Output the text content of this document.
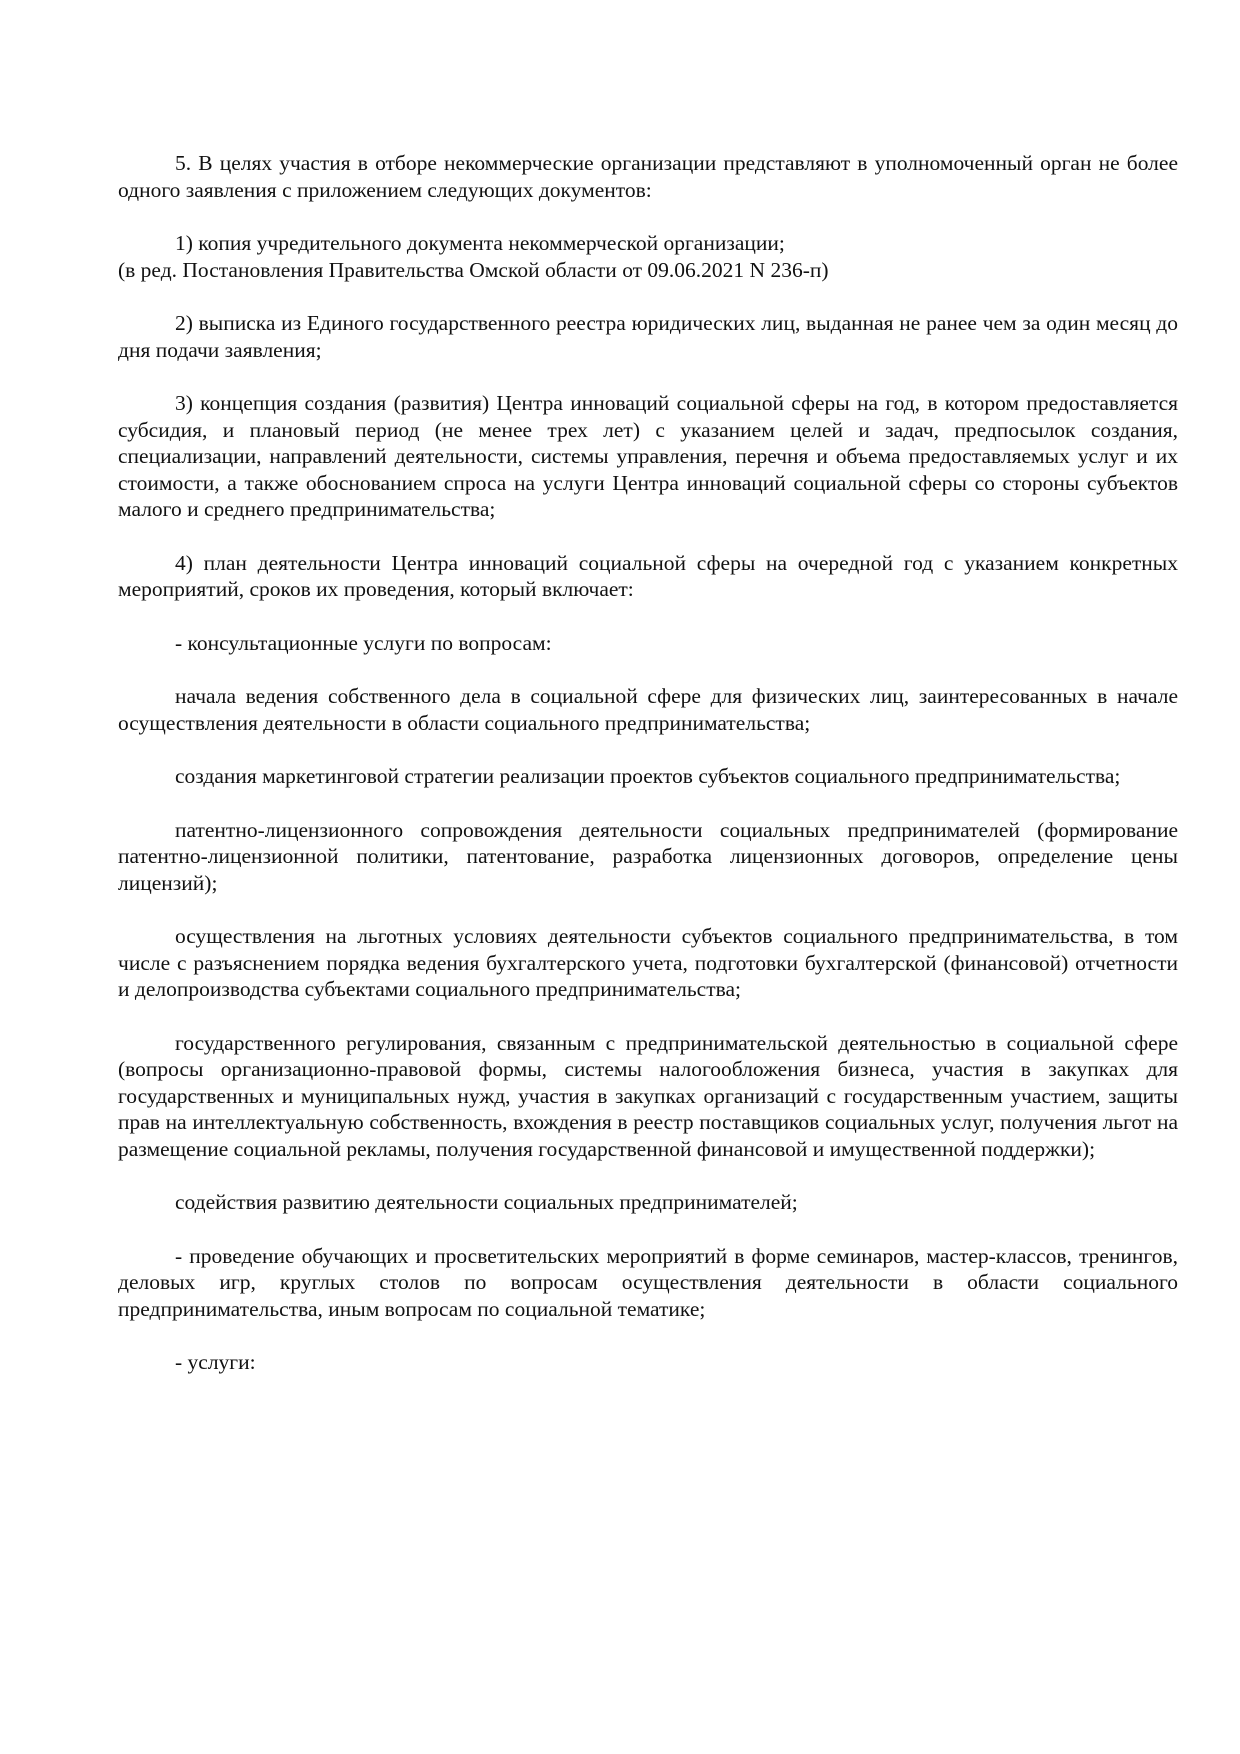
5. В целях участия в отборе некоммерческие организации представляют в уполномоченный орган не более одного заявления с приложением следующих документов:

1) копия учредительного документа некоммерческой организации;
(в ред. Постановления Правительства Омской области от 09.06.2021 N 236-п)

2) выписка из Единого государственного реестра юридических лиц, выданная не ранее чем за один месяц до дня подачи заявления;

3) концепция создания (развития) Центра инноваций социальной сферы на год, в котором предоставляется субсидия, и плановый период (не менее трех лет) с указанием целей и задач, предпосылок создания, специализации, направлений деятельности, системы управления, перечня и объема предоставляемых услуг и их стоимости, а также обоснованием спроса на услуги Центра инноваций социальной сферы со стороны субъектов малого и среднего предпринимательства;

4) план деятельности Центра инноваций социальной сферы на очередной год с указанием конкретных мероприятий, сроков их проведения, который включает:

- консультационные услуги по вопросам:

начала ведения собственного дела в социальной сфере для физических лиц, заинтересованных в начале осуществления деятельности в области социального предпринимательства;

создания маркетинговой стратегии реализации проектов субъектов социального предпринимательства;

патентно-лицензионного сопровождения деятельности социальных предпринимателей (формирование патентно-лицензионной политики, патентование, разработка лицензионных договоров, определение цены лицензий);

осуществления на льготных условиях деятельности субъектов социального предпринимательства, в том числе с разъяснением порядка ведения бухгалтерского учета, подготовки бухгалтерской (финансовой) отчетности и делопроизводства субъектами социального предпринимательства;

государственного регулирования, связанным с предпринимательской деятельностью в социальной сфере (вопросы организационно-правовой формы, системы налогообложения бизнеса, участия в закупках для государственных и муниципальных нужд, участия в закупках организаций с государственным участием, защиты прав на интеллектуальную собственность, вхождения в реестр поставщиков социальных услуг, получения льгот на размещение социальной рекламы, получения государственной финансовой и имущественной поддержки);

содействия развитию деятельности социальных предпринимателей;

- проведение обучающих и просветительских мероприятий в форме семинаров, мастер-классов, тренингов, деловых игр, круглых столов по вопросам осуществления деятельности в области социального предпринимательства, иным вопросам по социальной тематике;

- услуги:
